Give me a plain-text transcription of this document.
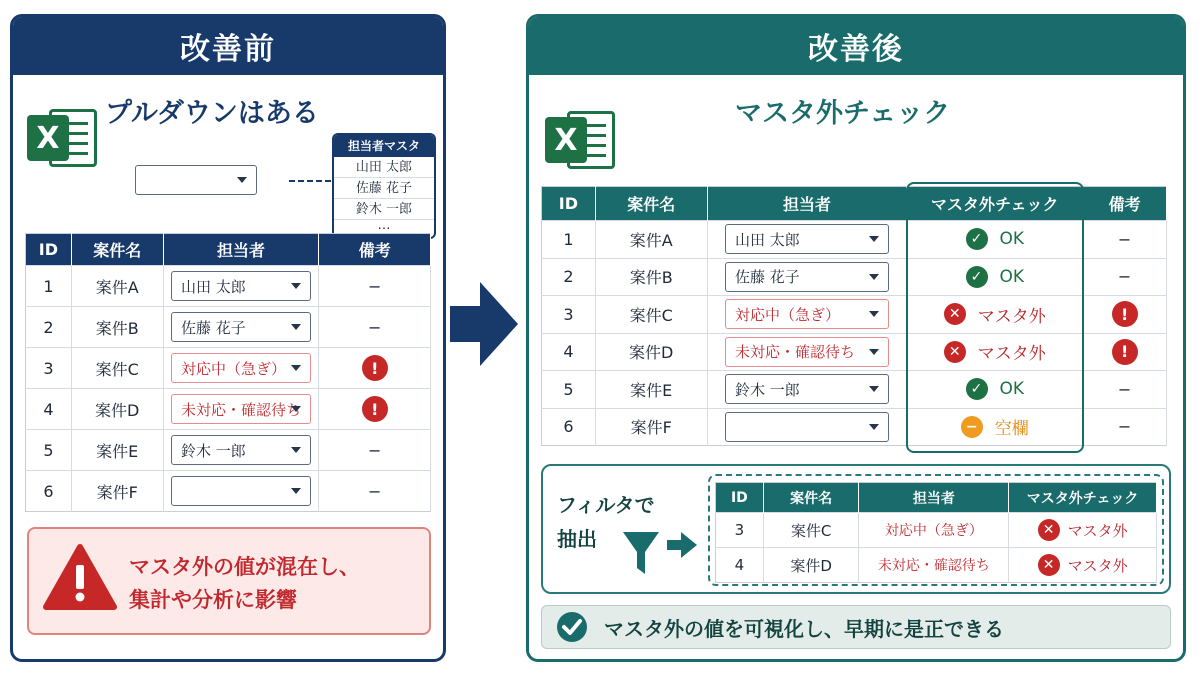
改善前
X
プルダウンはある
担当者マスタ
山田 太郎
佐藤 花子
鈴木 一郎
…
ID	案件名	担当者	備考
1	案件A	山田 太郎	−
2	案件B	佐藤 花子	−
3	案件C	対応中（急ぎ）	!
4	案件D	未対応・確認待ち	!
5	案件E	鈴木 一郎	−
6	案件F		−
マスタ外の値が混在し、
集計や分析に影響
改善後
X
マスタ外チェック
ID	案件名	担当者	マスタ外チェック	備考
1	案件A	山田 太郎	✓ OK	−
2	案件B	佐藤 花子	✓ OK	−
3	案件C	対応中（急ぎ）	✕ マスタ外	!
4	案件D	未対応・確認待ち	✕ マスタ外	!
5	案件E	鈴木 一郎	✓ OK	−
6	案件F		− 空欄	−
フィルタで
抽出
ID	案件名	担当者	マスタ外チェック
3	案件C	対応中（急ぎ）	✕ マスタ外

4	案件D	未対応・確認待ち	✕ マスタ外
マスタ外の値を可視化し、早期に是正できる
